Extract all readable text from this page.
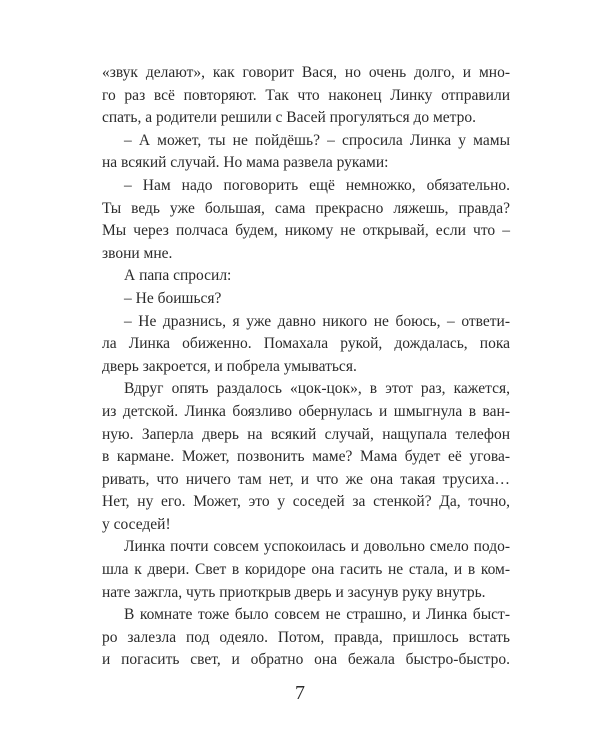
«звук делают», как говорит Вася, но очень долго, и мно-
го раз всё повторяют. Так что наконец Линку отправили
спать, а родители решили с Васей прогуляться до метро.
– А может, ты не пойдёшь? – спросила Линка у мамы
на всякий случай. Но мама развела руками:
– Нам надо поговорить ещё немножко, обязательно.
Ты ведь уже большая, сама прекрасно ляжешь, правда?
Мы через полчаса будем, никому не открывай, если что –
звони мне.
А папа спросил:
– Не боишься?
– Не дразнись, я уже давно никого не боюсь, – ответи-
ла Линка обиженно. Помахала рукой, дождалась, пока
дверь закроется, и побрела умываться.
Вдруг опять раздалось «цок-цок», в этот раз, кажется,
из детской. Линка боязливо обернулась и шмыгнула в ван-
ную. Заперла дверь на всякий случай, нащупала телефон
в кармане. Может, позвонить маме? Мама будет её угова-
ривать, что ничего там нет, и что же она такая трусиха…
Нет, ну его. Может, это у соседей за стенкой? Да, точно,
у соседей!
Линка почти совсем успокоилась и довольно смело подо-
шла к двери. Свет в коридоре она гасить не стала, и в ком-
нате зажгла, чуть приоткрыв дверь и засунув руку внутрь.
В комнате тоже было совсем не страшно, и Линка быст-
ро залезла под одеяло. Потом, правда, пришлось встать
и погасить свет, и обратно она бежала быстро-быстро.
7
